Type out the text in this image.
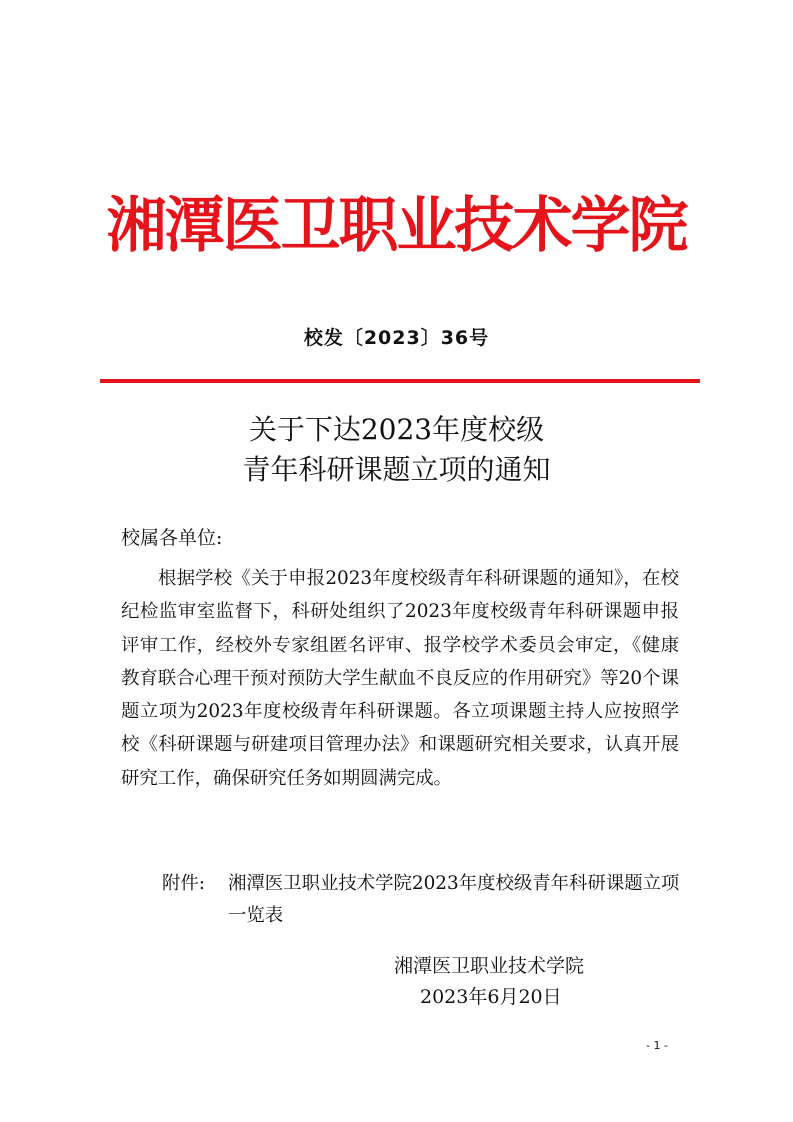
湘潭医卫职业技术学院
校发〔2023〕36号
关于下达2023年度校级
青年科研课题立项的通知
校属各单位:
根据学校《关于申报2023年度校级青年科研课题的通知》，在校纪检监审室监督下，科研处组织了2023年度校级青年科研课题申报评审工作，经校外专家组匿名评审、报学校学术委员会审定，《健康教育联合心理干预对预防大学生献血不良反应的作用研究》等20个课题立项为2023年度校级青年科研课题。各立项课题主持人应按照学校《科研课题与研建项目管理办法》和课题研究相关要求，认真开展研究工作，确保研究任务如期圆满完成。
附件: 湘潭医卫职业技术学院2023年度校级青年科研课题立项一览表
湘潭医卫职业技术学院
2023年6月20日
- 1 -
